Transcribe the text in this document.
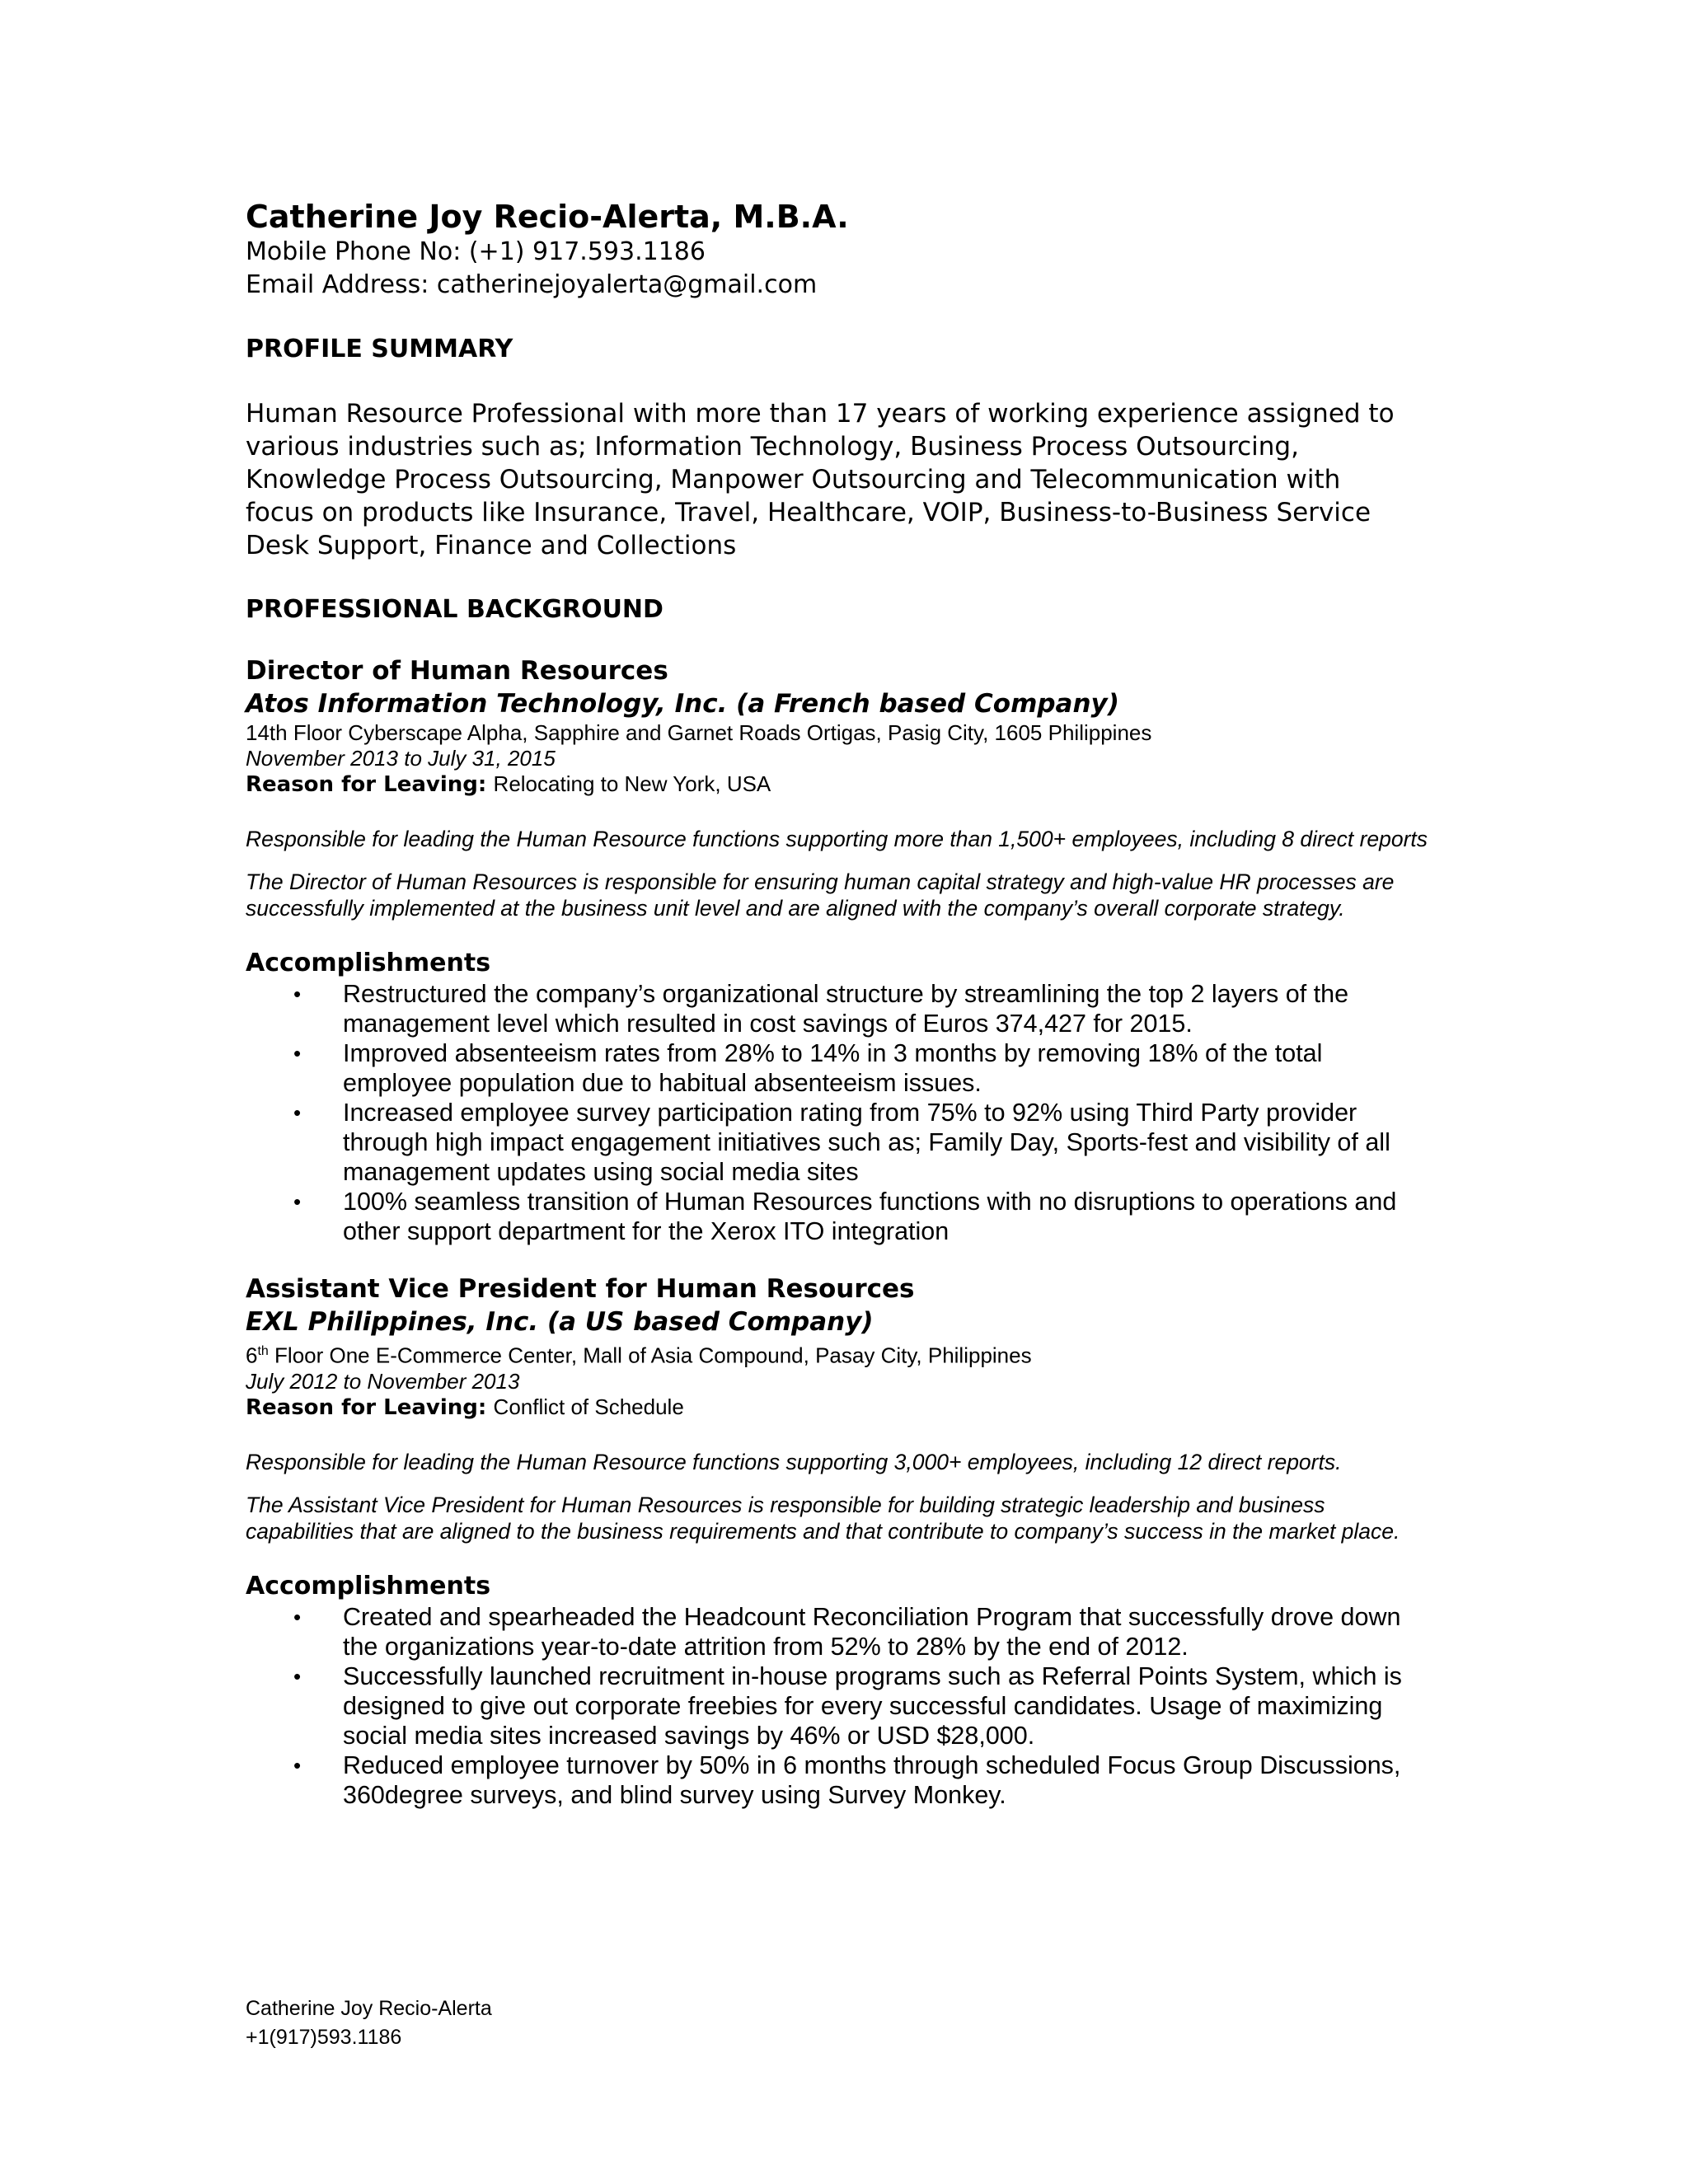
Catherine Joy Recio-Alerta, M.B.A.

Mobile Phone No: (+1) 917.593.1186

Email Address: catherinejoyalerta@gmail.com

PROFILE SUMMARY

Human Resource Professional with more than 17 years of working experience assigned to various industries such as; Information Technology, Business Process Outsourcing, Knowledge Process Outsourcing, Manpower Outsourcing and Telecommunication with focus on products like Insurance, Travel, Healthcare, VOIP, Business-to-Business Service Desk Support, Finance and Collections

PROFESSIONAL BACKGROUND

Director of Human Resources

Atos Information Technology, Inc. (a French based Company)

14th Floor Cyberscape Alpha, Sapphire and Garnet Roads Ortigas, Pasig City, 1605 Philippines

November 2013 to July 31, 2015

Reason for Leaving: Relocating to New York, USA

Responsible for leading the Human Resource functions supporting more than 1,500+ employees, including 8 direct reports

The Director of Human Resources is responsible for ensuring human capital strategy and high-value HR processes are successfully implemented at the business unit level and are aligned with the company’s overall corporate strategy.

Accomplishments

• Restructured the company’s organizational structure by streamlining the top 2 layers of the management level which resulted in cost savings of Euros 374,427 for 2015.
• Improved absenteeism rates from 28% to 14% in 3 months by removing 18% of the total employee population due to habitual absenteeism issues.
• Increased employee survey participation rating from 75% to 92% using Third Party provider through high impact engagement initiatives such as; Family Day, Sports-fest and visibility of all management updates using social media sites
• 100% seamless transition of Human Resources functions with no disruptions to operations and other support department for the Xerox ITO integration

Assistant Vice President for Human Resources

EXL Philippines, Inc. (a US based Company)

6th Floor One E-Commerce Center, Mall of Asia Compound, Pasay City, Philippines

July 2012 to November 2013

Reason for Leaving: Conflict of Schedule

Responsible for leading the Human Resource functions supporting 3,000+ employees, including 12 direct reports.

The Assistant Vice President for Human Resources is responsible for building strategic leadership and business capabilities that are aligned to the business requirements and that contribute to company’s success in the market place.

Accomplishments

• Created and spearheaded the Headcount Reconciliation Program that successfully drove down the organizations year-to-date attrition from 52% to 28% by the end of 2012.
• Successfully launched recruitment in-house programs such as Referral Points System, which is designed to give out corporate freebies for every successful candidates. Usage of maximizing social media sites increased savings by 46% or USD $28,000.
• Reduced employee turnover by 50% in 6 months through scheduled Focus Group Discussions, 360degree surveys, and blind survey using Survey Monkey.
Catherine Joy Recio-Alerta
+1(917)593.1186
